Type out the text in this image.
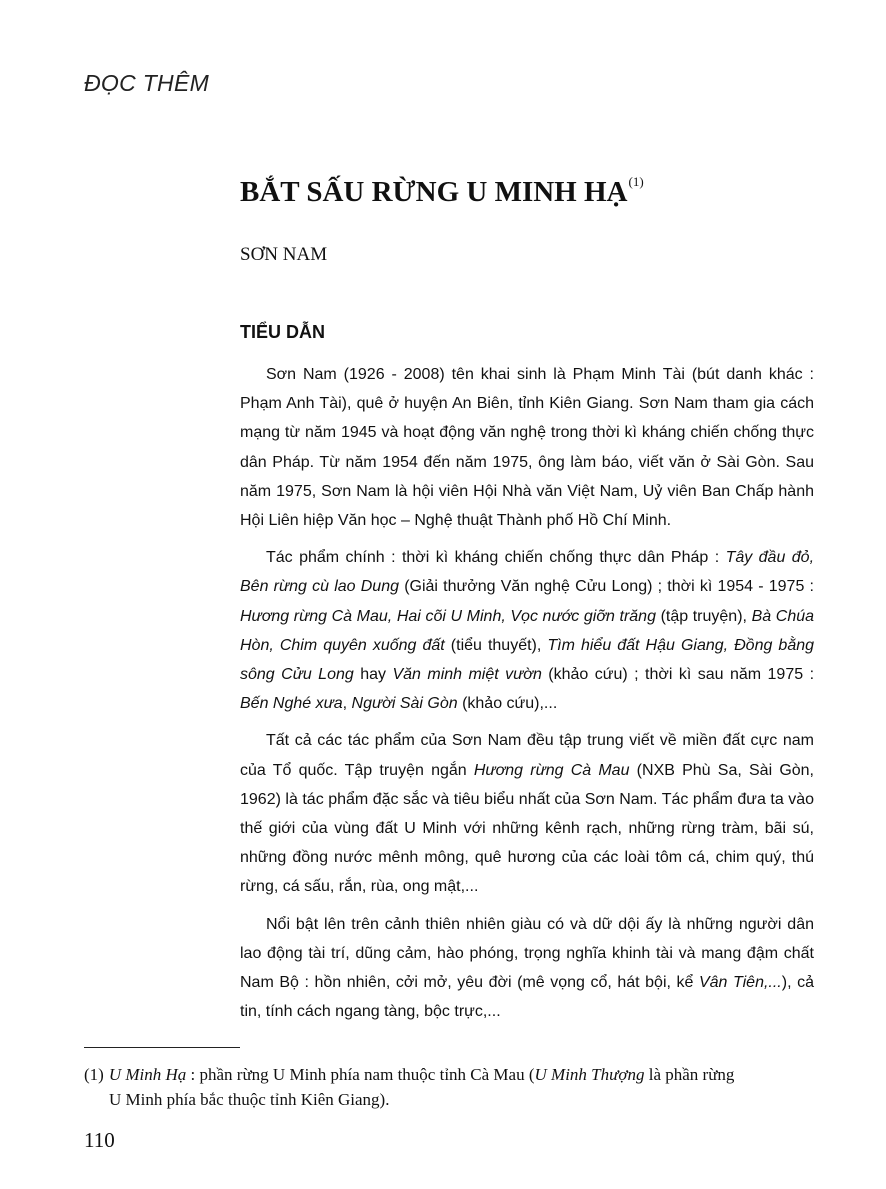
ĐỌC THÊM
BẮT SẤU RỪNG U MINH HẠ$^{(1)}$
SƠN NAM
TIỂU DẪN

Sơn Nam (1926 - 2008) tên khai sinh là Phạm Minh Tài (bút danh khác : Phạm Anh Tài), quê ở huyện An Biên, tỉnh Kiên Giang. Sơn Nam tham gia cách mạng từ năm 1945 và hoạt động văn nghệ trong thời kì kháng chiến chống thực dân Pháp. Từ năm 1954 đến năm 1975, ông làm báo, viết văn ở Sài Gòn. Sau năm 1975, Sơn Nam là hội viên Hội Nhà văn Việt Nam, Uỷ viên Ban Chấp hành Hội Liên hiệp Văn học – Nghệ thuật Thành phố Hồ Chí Minh.

Tác phẩm chính : thời kì kháng chiến chống thực dân Pháp : Tây đầu đỏ, Bên rừng cù lao Dung (Giải thưởng Văn nghệ Cửu Long) ; thời kì 1954 - 1975 : Hương rừng Cà Mau, Hai cõi U Minh, Vọc nước giỡn trăng (tập truyện), Bà Chúa Hòn, Chim quyên xuống đất (tiểu thuyết), Tìm hiểu đất Hậu Giang, Đồng bằng sông Cửu Long hay Văn minh miệt vườn (khảo cứu) ; thời kì sau năm 1975 : Bến Nghé xưa, Người Sài Gòn (khảo cứu),...

Tất cả các tác phẩm của Sơn Nam đều tập trung viết về miền đất cực nam của Tổ quốc. Tập truyện ngắn Hương rừng Cà Mau (NXB Phù Sa, Sài Gòn, 1962) là tác phẩm đặc sắc và tiêu biểu nhất của Sơn Nam. Tác phẩm đưa ta vào thế giới của vùng đất U Minh với những kênh rạch, những rừng tràm, bãi sú, những đồng nước mênh mông, quê hương của các loài tôm cá, chim quý, thú rừng, cá sấu, rắn, rùa, ong mật,...

Nổi bật lên trên cảnh thiên nhiên giàu có và dữ dội ấy là những người dân lao động tài trí, dũng cảm, hào phóng, trọng nghĩa khinh tài và mang đậm chất Nam Bộ : hồn nhiên, cởi mở, yêu đời (mê vọng cổ, hát bội, kể Vân Tiên,...), cả tin, tính cách ngang tàng, bộc trực,...

(1) U Minh Hạ : phần rừng U Minh phía nam thuộc tỉnh Cà Mau (U Minh Thượng là phần rừng
U Minh phía bắc thuộc tỉnh Kiên Giang).
110
